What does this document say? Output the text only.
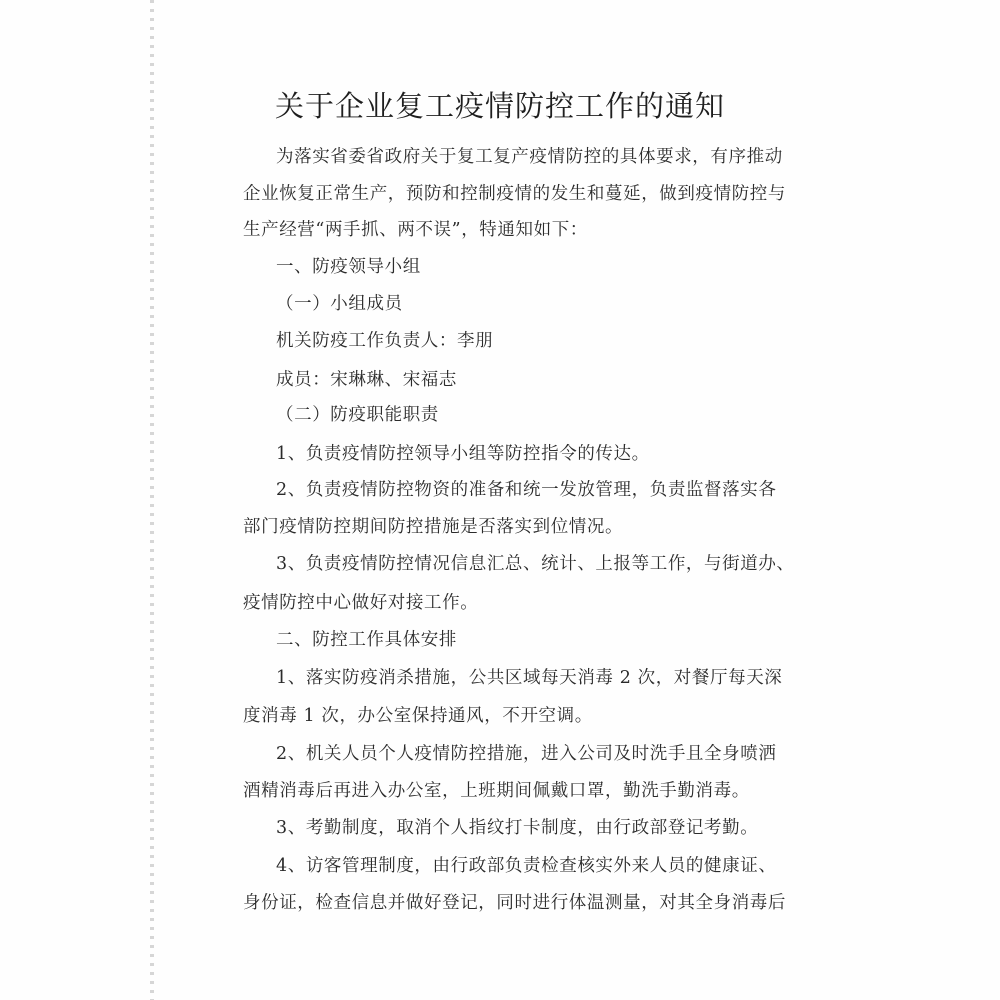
关于企业复工疫情防控工作的通知
为落实省委省政府关于复工复产疫情防控的具体要求，有序推动
企业恢复正常生产，预防和控制疫情的发生和蔓延，做到疫情防控与
生产经营“两手抓、两不误”，特通知如下：
一、防疫领导小组
（一）小组成员
机关防疫工作负责人：李朋
成员：宋琳琳、宋福志
（二）防疫职能职责
1、负责疫情防控领导小组等防控指令的传达。
2、负责疫情防控物资的准备和统一发放管理，负责监督落实各
部门疫情防控期间防控措施是否落实到位情况。
3、负责疫情防控情况信息汇总、统计、上报等工作，与街道办、
疫情防控中心做好对接工作。
二、防控工作具体安排
1、落实防疫消杀措施，公共区域每天消毒 2 次，对餐厅每天深
度消毒 1 次，办公室保持通风，不开空调。
2、机关人员个人疫情防控措施，进入公司及时洗手且全身喷洒
酒精消毒后再进入办公室，上班期间佩戴口罩，勤洗手勤消毒。
3、考勤制度，取消个人指纹打卡制度，由行政部登记考勤。
4、访客管理制度，由行政部负责检查核实外来人员的健康证、
身份证，检查信息并做好登记，同时进行体温测量，对其全身消毒后
